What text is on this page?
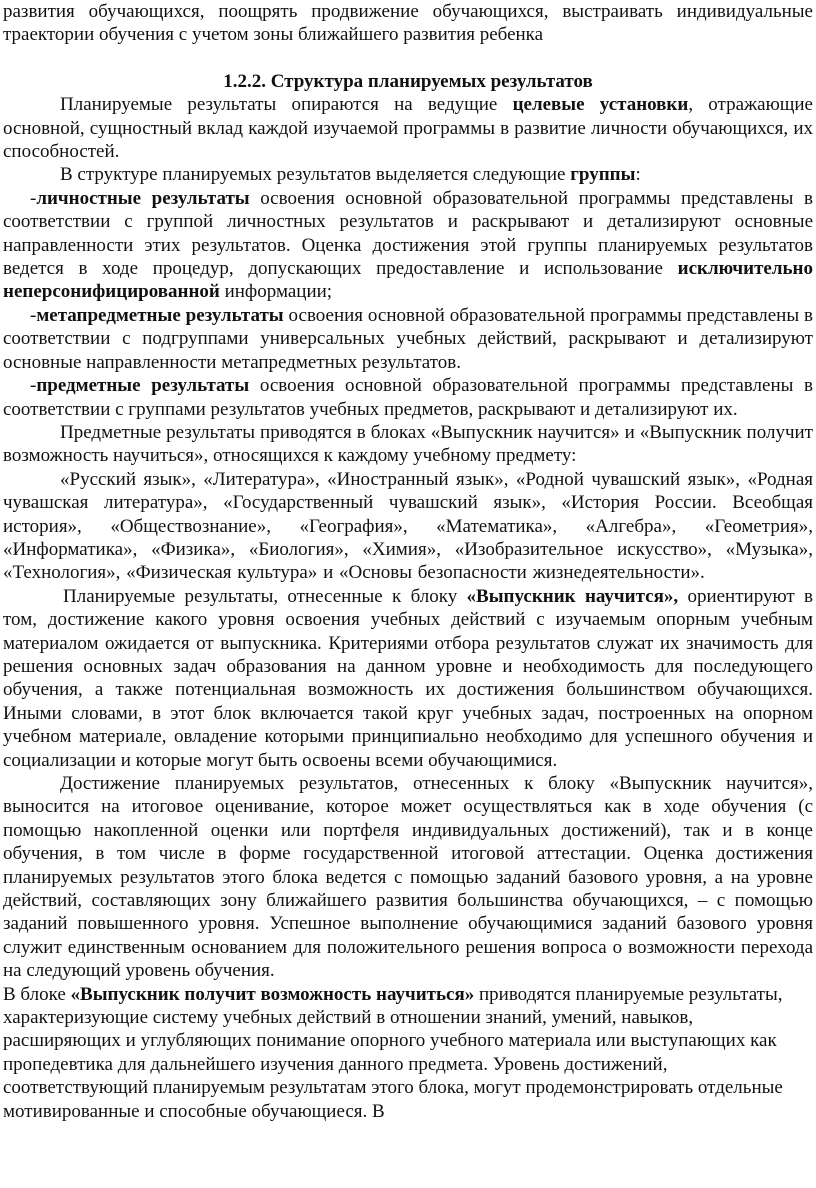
развития обучающихся, поощрять продвижение обучающихся, выстраивать индивидуальные траектории обучения с учетом зоны ближайшего развития ребенка

1.2.2. Структура планируемых результатов

Планируемые результаты опираются на ведущие целевые установки, отражающие основной, сущностный вклад каждой изучаемой программы в развитие личности обучающихся, их способностей.

В структуре планируемых результатов выделяется следующие группы:

-личностные результаты освоения основной образовательной программы представлены в соответствии с группой личностных результатов и раскрывают и детализируют основные направленности этих результатов. Оценка достижения этой группы планируемых результатов ведется в ходе процедур, допускающих предоставление и использование исключительно неперсонифицированной информации;

-метапредметные результаты освоения основной образовательной программы представлены в соответствии с подгруппами универсальных учебных действий, раскрывают и детализируют основные направленности метапредметных результатов.

-предметные результаты освоения основной образовательной программы представлены в соответствии с группами результатов учебных предметов, раскрывают и детализируют их.

Предметные результаты приводятся в блоках «Выпускник научится» и «Выпускник получит возможность научиться», относящихся к каждому учебному предмету:

«Русский язык», «Литература», «Иностранный язык», «Родной чувашский язык», «Родная чувашская литература», «Государственный чувашский язык», «История России. Всеобщая история», «Обществознание», «География», «Математика», «Алгебра», «Геометрия», «Информатика», «Физика», «Биология», «Химия», «Изобразительное искусство», «Музыка», «Технология», «Физическая культура» и «Основы безопасности жизнедеятельности».

Планируемые результаты, отнесенные к блоку «Выпускник научится», ориентируют в том, достижение какого уровня освоения учебных действий с изучаемым опорным учебным материалом ожидается от выпускника. Критериями отбора результатов служат их значимость для решения основных задач образования на данном уровне и необходимость для последующего обучения, а также потенциальная возможность их достижения большинством обучающихся. Иными словами, в этот блок включается такой круг учебных задач, построенных на опорном учебном материале, овладение которыми принципиально необходимо для успешного обучения и социализации и которые могут быть освоены всеми обучающимися.

Достижение планируемых результатов, отнесенных к блоку «Выпускник научится», выносится на итоговое оценивание, которое может осуществляться как в ходе обучения (с помощью накопленной оценки или портфеля индивидуальных достижений), так и в конце обучения, в том числе в форме государственной итоговой аттестации. Оценка достижения планируемых результатов этого блока ведется с помощью заданий базового уровня, а на уровне действий, составляющих зону ближайшего развития большинства обучающихся, – с помощью заданий повышенного уровня. Успешное выполнение обучающимися заданий базового уровня служит единственным основанием для положительного решения вопроса о возможности перехода на следующий уровень обучения.

В блоке «Выпускник получит возможность научиться» приводятся планируемые результаты, характеризующие систему учебных действий в отношении знаний, умений, навыков, расширяющих и углубляющих понимание опорного учебного материала или выступающих как пропедевтика для дальнейшего изучения данного предмета. Уровень достижений, соответствующий планируемым результатам этого блока, могут продемонстрировать отдельные мотивированные и способные обучающиеся. В
